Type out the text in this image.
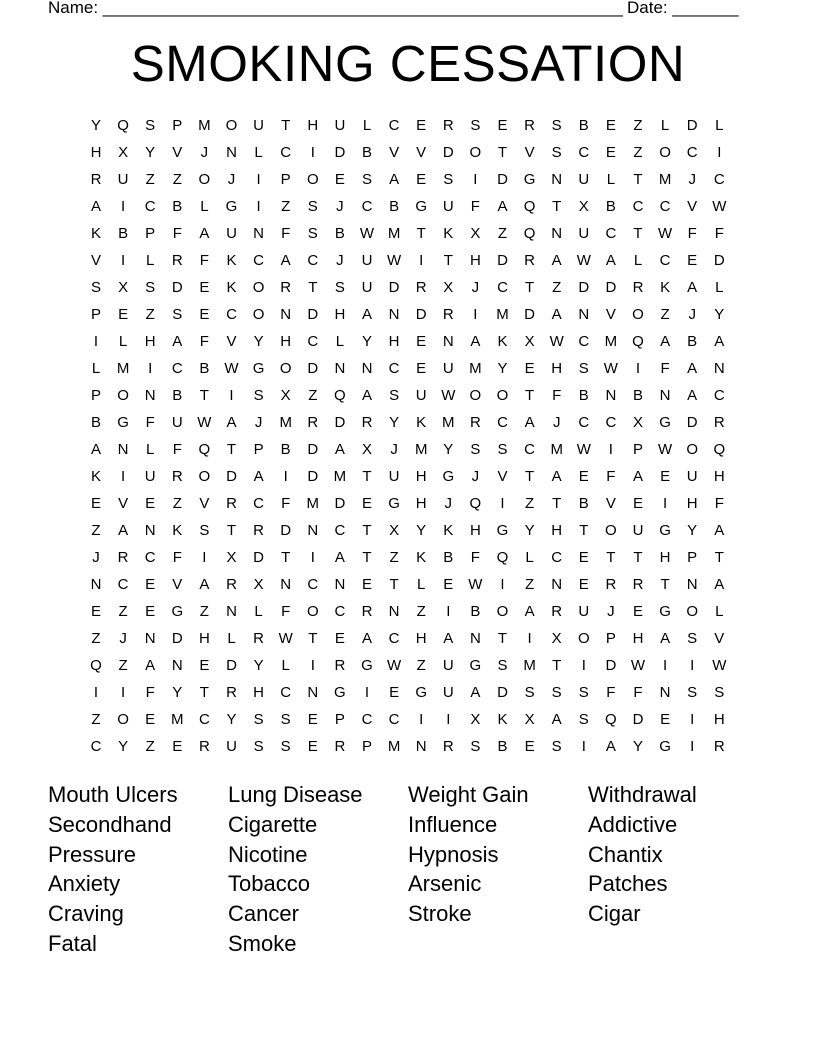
Name: _______________________________________________________ Date: _______
SMOKING CESSATION
Y	Q	S	P	M	O	U	T	H	U	L	C	E	R	S	E	R	S	B	E	Z	L	D	L
H	X	Y	V	J	N	L	C	I	D	B	V	V	D	O	T	V	S	C	E	Z	O	C	I
R	U	Z	Z	O	J	I	P	O	E	S	A	E	S	I	D	G	N	U	L	T	M	J	C
A	I	C	B	L	G	I	Z	S	J	C	B	G	U	F	A	Q	T	X	B	C	C	V	W
K	B	P	F	A	U	N	F	S	B	W M	T	K	X	Z	Q	N	U	C	T	W	F	F
V	I	L	R	F	K	C	A	C	J	U W	I	T	H	D	R	A	W	A	L	C	E	D
S	X	S	D	E	K	O	R	T	S	U	D	R	X	J	C	T	Z	D	D	R	K	A	L
P	E	Z	S	E	C	O	N	D	H	A	N	D	R	I	M	D	A	N	V	O	Z	J	Y
I	L	H	A	F	V	Y	H	C	L	Y	H	E	N	A	K	X	W C	M	Q	A	B	A
L	M	I	C	B	W G	O	D	N	N	C	E	U	M	Y	E	H	S	W	I	F	A	N
P	O	N	B	T	I	S	X	Z	Q	A	S	U W O	O	T	F	B	N	B	N	A	C
B	G	F	U W	A	J	M	R	D	R	Y	K	M	R	C	A	J	C	C	X	G	D	R
A	N	L	F	Q	T	P	B	D	A	X	J	M	Y	S	S	C	M W	I	P	W O	Q
K	I	U	R	O	D	A	I	D	M	T	U	H	G	J	V	T	A	E	F	A	E	U	H
E	V	E	Z	V	R	C	F	M	D	E	G	H	J	Q	I	Z	T	B	V	E	I	H	F
Z	A	N	K	S	T	R	D	N	C	T	X	Y	K	H	G	Y	H	T	O	U	G	Y	A
J	R	C	F	I	X	D	T	I	A	T	Z	K	B	F	Q	L	C	E	T	T	H	P	T
N	C	E	V	A	R	X	N	C	N	E	T	L	E	W	I	Z	N	E	R	R	T	N	A
E	Z	E	G	Z	N	L	F	O	C	R	N	Z	I	B	O	A	R	U	J	E	G	O	L
Z	J	N	D	H	L	R W	T	E	A	C	H	A	N	T	I	X	O	P	H	A	S	V
Q	Z	A	N	E	D	Y	L	I	R	G W	Z	U	G	S	M	T	I	D W	I	I	W
I	I	F	Y	T	R	H	C	N	G	I	E	G	U	A	D	S	S	S	F	F	N	S	S
Z	O	E	M	C	Y	S	S	E	P	C	C	I	I	X	K	X	A	S	Q	D	E	I	H
C	Y	Z	E	R	U	S	S	E	R	P	M	N	R	S	B	E	S	I	A	Y	G	I	R
Mouth Ulcers
Secondhand
Pressure
Anxiety
Craving
Fatal
Lung Disease
Cigarette
Nicotine
Tobacco
Cancer
Smoke
Weight Gain
Influence
Hypnosis
Arsenic
Stroke
Withdrawal
Addictive
Chantix
Patches
Cigar
